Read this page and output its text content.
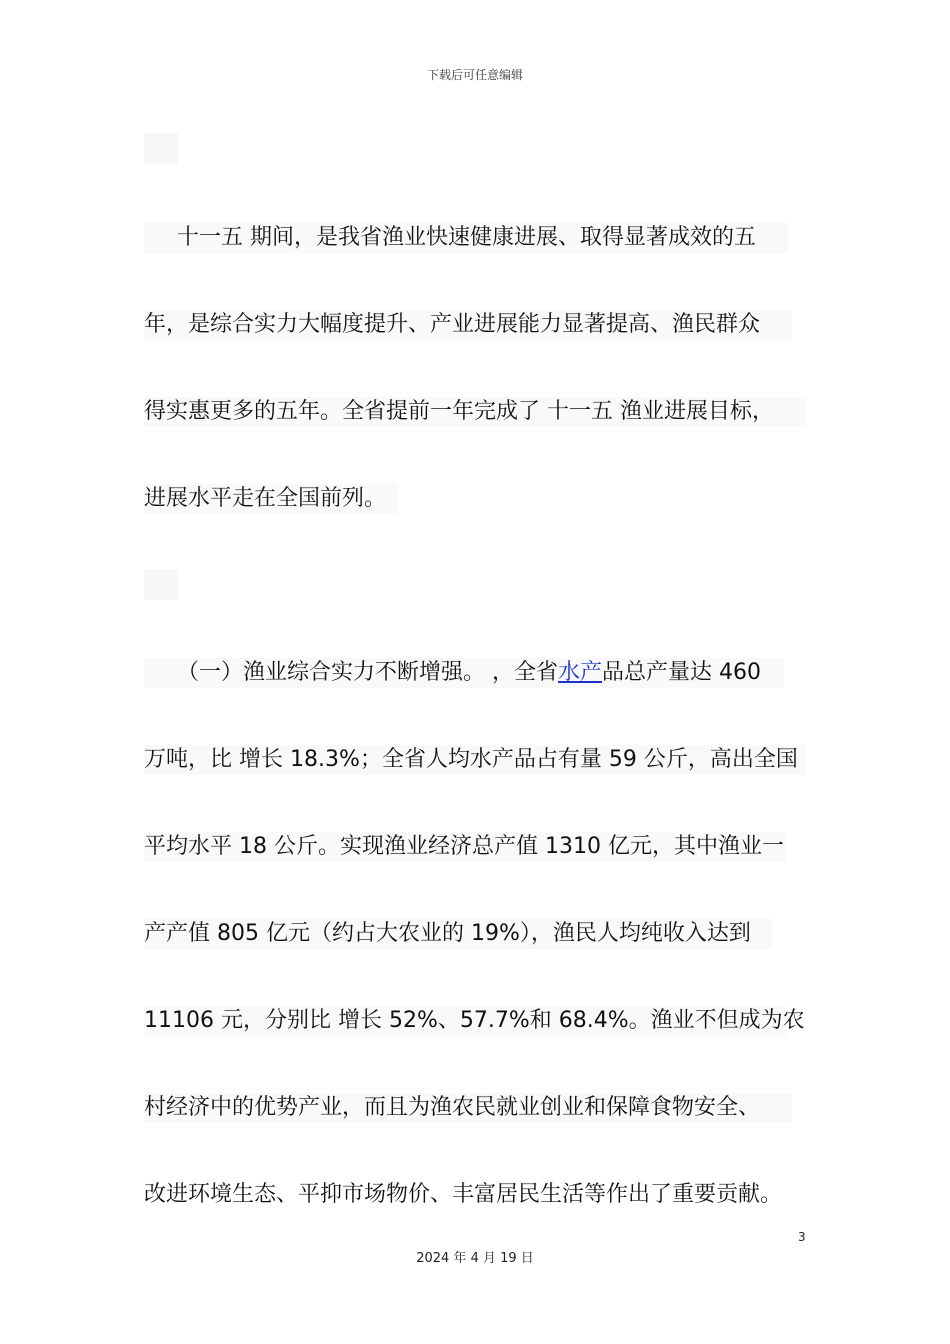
下载后可任意编辑
十一五 期间，是我省渔业快速健康进展、取得显著成效的五
年，是综合实力大幅度提升、产业进展能力显著提高、渔民群众
得实惠更多的五年。全省提前一年完成了 十一五 渔业进展目标，
进展水平走在全国前列。
（一）渔业综合实力不断增强。 ，全省水产品总产量达 460
万吨，比 增长 18.3%；全省人均水产品占有量 59 公斤，高出全国
平均水平 18 公斤。实现渔业经济总产值 1310 亿元，其中渔业一
产产值 805 亿元（约占大农业的 19%），渔民人均纯收入达到
11106 元，分别比 增长 52%、57.7%和 68.4%。渔业不但成为农
村经济中的优势产业，而且为渔农民就业创业和保障食物安全、
改进环境生态、平抑市场物价、丰富居民生活等作出了重要贡献。
3
2024 年 4 月 19 日
